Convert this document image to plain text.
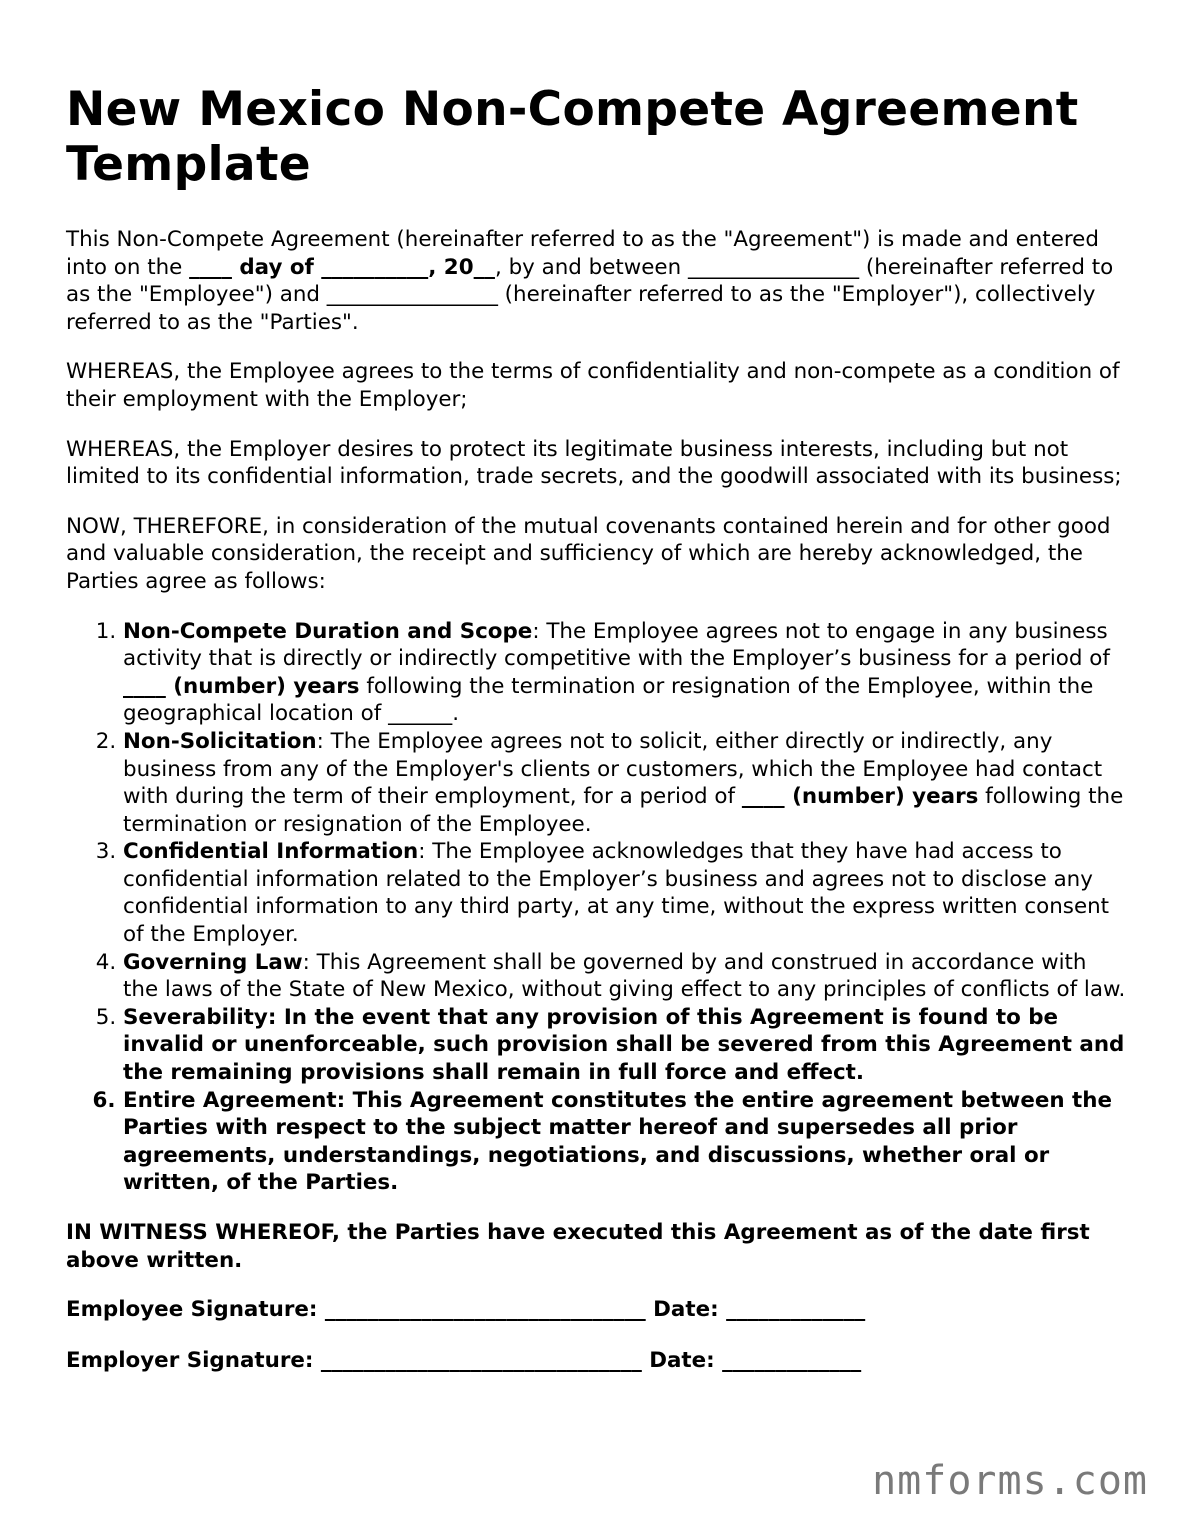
New Mexico Non-Compete Agreement Template

This Non-Compete Agreement (hereinafter referred to as the "Agreement") is made and entered into on the ____ day of __________, 20__, by and between ________________ (hereinafter referred to as the "Employee") and ________________ (hereinafter referred to as the "Employer"), collectively referred to as the "Parties".

WHEREAS, the Employee agrees to the terms of confidentiality and non-compete as a condition of their employment with the Employer;

WHEREAS, the Employer desires to protect its legitimate business interests, including but not limited to its confidential information, trade secrets, and the goodwill associated with its business;

NOW, THEREFORE, in consideration of the mutual covenants contained herein and for other good and valuable consideration, the receipt and sufficiency of which are hereby acknowledged, the Parties agree as follows:

1. Non-Compete Duration and Scope: The Employee agrees not to engage in any business activity that is directly or indirectly competitive with the Employer’s business for a period of ____ (number) years following the termination or resignation of the Employee, within the geographical location of ______.
2. Non-Solicitation: The Employee agrees not to solicit, either directly or indirectly, any business from any of the Employer's clients or customers, which the Employee had contact with during the term of their employment, for a period of ____ (number) years following the termination or resignation of the Employee.
3. Confidential Information: The Employee acknowledges that they have had access to confidential information related to the Employer’s business and agrees not to disclose any confidential information to any third party, at any time, without the express written consent of the Employer.
4. Governing Law: This Agreement shall be governed by and construed in accordance with the laws of the State of New Mexico, without giving effect to any principles of conflicts of law.
5. Severability: In the event that any provision of this Agreement is found to be invalid or unenforceable, such provision shall be severed from this Agreement and the remaining provisions shall remain in full force and effect.
6. Entire Agreement: This Agreement constitutes the entire agreement between the Parties with respect to the subject matter hereof and supersedes all prior agreements, understandings, negotiations, and discussions, whether oral or written, of the Parties.

IN WITNESS WHEREOF, the Parties have executed this Agreement as of the date first above written.

Employee Signature: ______________________________ Date: _____________
Employer Signature: ______________________________ Date: _____________
nmforms.com
